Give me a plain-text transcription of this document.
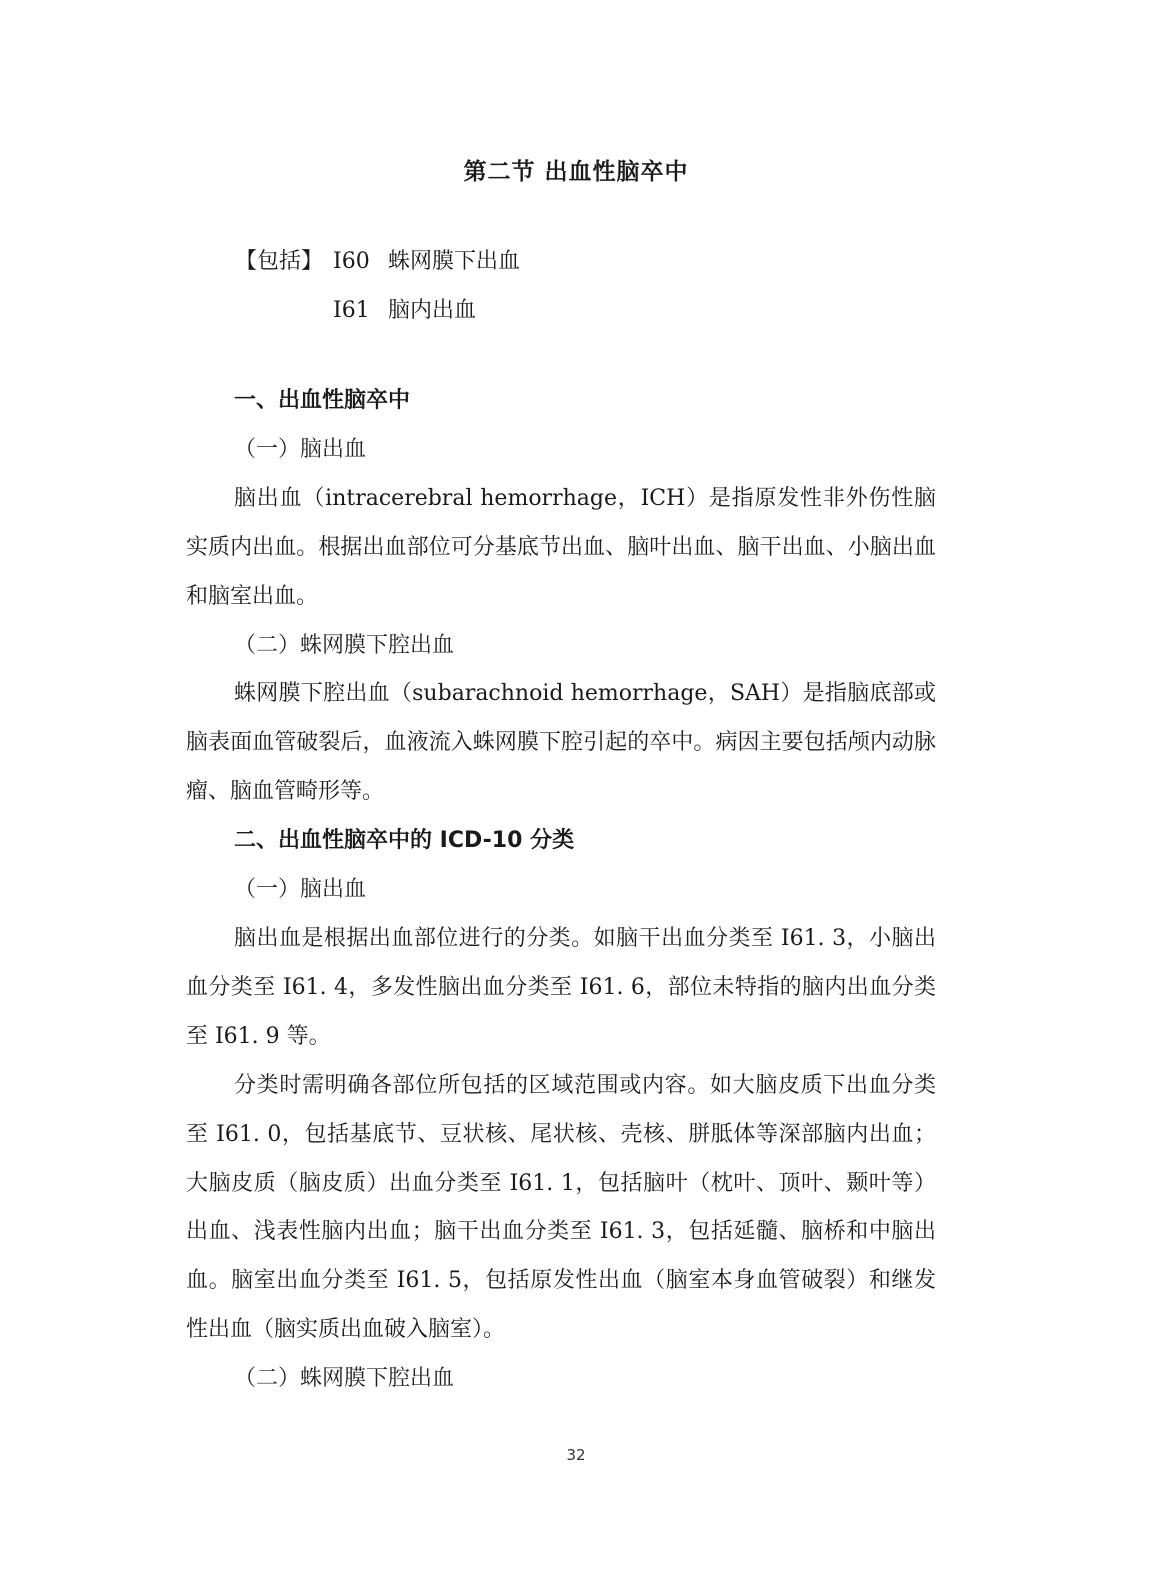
第二节 出血性脑卒中
【包括】 I60 蛛网膜下出血
I61 脑内出血

一、出血性脑卒中

（一）脑出血

脑出血（intracerebral hemorrhage，ICH）是指原发性非外伤性脑实质内出血。根据出血部位可分基底节出血、脑叶出血、脑干出血、小脑出血和脑室出血。

（二）蛛网膜下腔出血

蛛网膜下腔出血（subarachnoid hemorrhage，SAH）是指脑底部或脑表面血管破裂后，血液流入蛛网膜下腔引起的卒中。病因主要包括颅内动脉瘤、脑血管畸形等。

二、出血性脑卒中的 ICD-10 分类

（一）脑出血

脑出血是根据出血部位进行的分类。如脑干出血分类至 I61. 3，小脑出血分类至 I61. 4，多发性脑出血分类至 I61. 6，部位未特指的脑内出血分类至 I61. 9 等。

分类时需明确各部位所包括的区域范围或内容。如大脑皮质下出血分类至 I61. 0，包括基底节、豆状核、尾状核、壳核、胼胝体等深部脑内出血；大脑皮质（脑皮质）出血分类至 I61. 1，包括脑叶（枕叶、顶叶、颞叶等）出血、浅表性脑内出血；脑干出血分类至 I61. 3，包括延髓、脑桥和中脑出血。脑室出血分类至 I61. 5，包括原发性出血（脑室本身血管破裂）和继发性出血（脑实质出血破入脑室）。

（二）蛛网膜下腔出血

32
